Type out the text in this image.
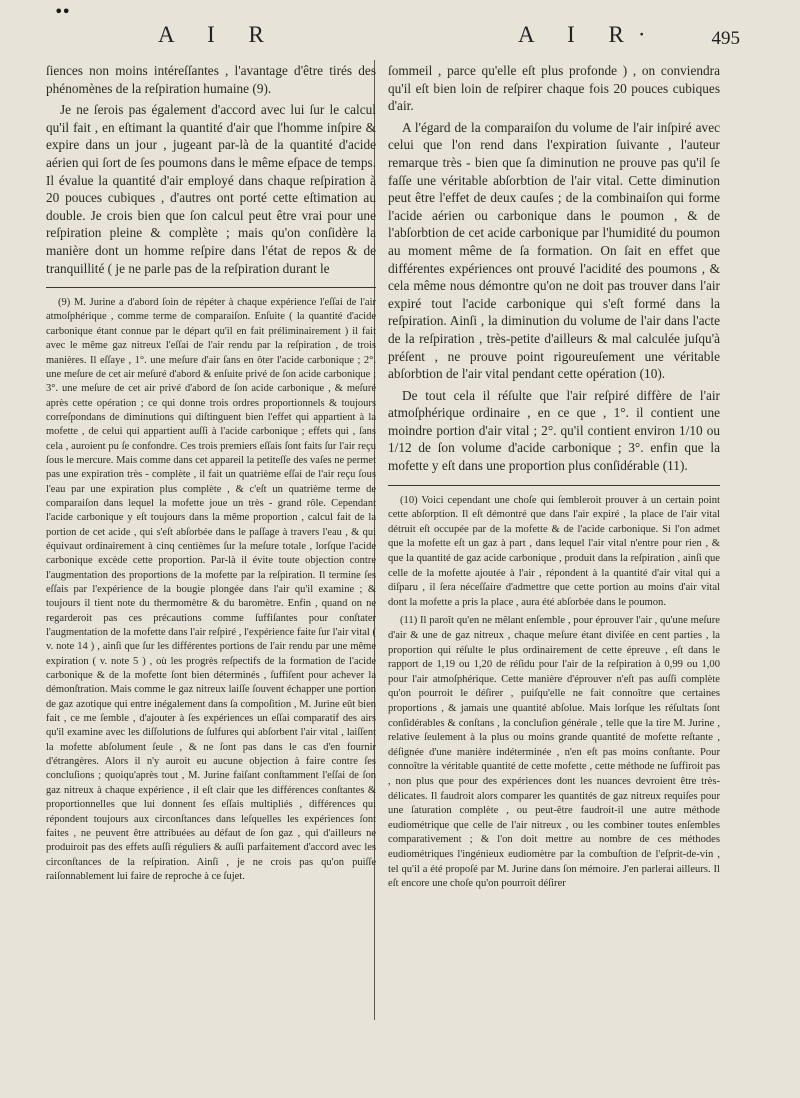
••
A I R	A I R·	495

ſiences non moins intéreſſantes , l'avantage d'être tirés des phénomènes de la reſpiration humaine (9).

Je ne ſerois pas également d'accord avec lui ſur le calcul qu'il fait , en eſtimant la quantité d'air que l'homme inſpire & expire dans un jour , jugeant par-là de la quantité d'acide aérien qui ſort de ſes poumons dans le même eſpace de temps. Il évalue la quantité d'air employé dans chaque reſpiration à 20 pouces cubiques , d'autres ont porté cette eſtimation au double. Je crois bien que ſon calcul peut être vrai pour une reſpiration pleine & complète ; mais qu'on conſidère la manière dont un homme reſpire dans l'état de repos & de tranquillité ( je ne parle pas de la reſpiration durant le

(9) M. Jurine a d'abord ſoin de répéter à chaque expérience l'eſſai de l'air atmoſphérique , comme terme de comparaiſon. Enſuite ( la quantité d'acide carbonique étant connue par le départ qu'il en fait préliminairement ) il fait avec le même gaz nitreux l'eſſai de l'air rendu par la reſpiration , de trois manières. Il eſſaye , 1°. une meſure d'air ſans en ôter l'acide carbonique ; 2°. une meſure de cet air meſuré d'abord & enſuite privé de ſon acide carbonique ; 3°. une meſure de cet air privé d'abord de ſon acide carbonique , & meſuré après cette opération ; ce qui donne trois ordres proportionnels & toujours correſpondans de diminutions qui diſtinguent bien l'effet qui appartient à la mofette , de celui qui appartient auſſi à l'acide carbonique ; effets qui , ſans cela , auroient pu ſe confondre. Ces trois premiers eſſais ſont faits ſur l'air reçu ſous le mercure. Mais comme dans cet appareil la petiteſſe des vaſes ne permet pas une expiration très - complète , il fait un quatrième eſſai de l'air reçu ſous l'eau par une expiration plus complète , & c'eſt un quatrième terme de comparaiſon dans lequel la mofette joue un très - grand rôle. Cependant l'acide carbonique y eſt toujours dans la même proportion , calcul fait de la portion de cet acide , qui s'eſt abſorbée dans le paſſage à travers l'eau , & qui équivaut ordinairement à cinq centièmes ſur la meſure totale , lorſque l'acide carbonique excède cette proportion. Par-là il évite toute objection contre l'augmentation des proportions de la mofette par la reſpiration. Il termine ſes eſſais par l'expérience de la bougie plongée dans l'air qu'il examine ; & toujours il tient note du thermomètre & du baromètre. Enfin , quand on ne regarderoit pas ces précautions comme ſuffiſantes pour conſtater l'augmentation de la mofette dans l'air reſpiré , l'expérience faite ſur l'air vital ( v. note 14 ) , ainſi que ſur les différentes portions de l'air rendu par une même expiration ( v. note 5 ) , où les progrès reſpectifs de la formation de l'acide carbonique & de la mofette ſont bien déterminés , ſuffiſent pour achever la démonſtration. Mais comme le gaz nitreux laiſſe ſouvent échapper une portion de gaz azotique qui entre inégalement dans ſa compoſition , M. Jurine eût bien fait , ce me ſemble , d'ajouter à ſes expériences un eſſai comparatif des airs qu'il examine avec les diſſolutions de ſulfures qui abſorbent l'air vital , laiſſent la mofette abſolument ſeule , & ne ſont pas dans le cas d'en fournir d'étrangères. Alors il n'y auroit eu aucune objection à faire contre ſes concluſions ; quoiqu'après tout , M. Jurine faiſant conſtamment l'eſſai de ſon gaz nitreux à chaque expérience , il eſt clair que les différences conſtantes & proportionnelles que lui donnent ſes eſſais multipliés , différences qui répondent toujours aux circonſtances dans leſquelles les expériences ſont faites , ne peuvent être attribuées au défaut de ſon gaz , qui d'ailleurs ne produiroit pas des effets auſſi réguliers & auſſi parfaitement d'accord avec les circonſtances de la reſpiration. Ainſi , je ne crois pas qu'on puiſſe raiſonnablement lui faire de reproche à ce ſujet.

ſommeil , parce qu'elle eſt plus profonde ) , on conviendra qu'il eſt bien loin de reſpirer chaque fois 20 pouces cubiques d'air.

A l'égard de la comparaiſon du volume de l'air inſpiré avec celui que l'on rend dans l'expiration ſuivante , l'auteur remarque très - bien que ſa diminution ne prouve pas qu'il ſe faſſe une véritable abſorbtion de l'air vital. Cette diminution peut être l'effet de deux cauſes ; de la combinaiſon qui forme l'acide aérien ou carbonique dans le poumon , & de l'abſorbtion de cet acide carbonique par l'humidité du poumon au moment même de ſa formation. On ſait en effet que différentes expériences ont prouvé l'acidité des poumons , & cela même nous démontre qu'on ne doit pas trouver dans l'air expiré tout l'acide carbonique qui s'eſt formé dans la reſpiration. Ainſi , la diminution du volume de l'air dans l'acte de la reſpiration , très-petite d'ailleurs & mal calculée juſqu'à préſent , ne prouve point rigoureuſement une véritable abſorbtion de l'air vital pendant cette opération (10).

De tout cela il réſulte que l'air reſpiré diffère de l'air atmoſphérique ordinaire , en ce que , 1°. il contient une moindre portion d'air vital ; 2°. qu'il contient environ 1/10 ou 1/12 de ſon volume d'acide carbonique ; 3°. enfin que la mofette y eſt dans une proportion plus conſidérable (11).

(10) Voici cependant une choſe qui ſembleroit prouver à un certain point cette abſorption. Il eſt démontré que dans l'air expiré , la place de l'air vital détruit eſt occupée par de la mofette & de l'acide carbonique. Si l'on admet que la mofette eſt un gaz à part , dans lequel l'air vital n'entre pour rien , & que la quantité de gaz acide carbonique , produit dans la reſpiration , ainſi que celle de la mofette ajoutée à l'air , répondent à la quantité d'air vital qui a diſparu , il ſera néceſſaire d'admettre que cette portion au moins d'air vital dont la mofette a pris la place , aura été abſorbée dans le poumon.

(11) Il paroît qu'en ne mêlant enſemble , pour éprouver l'air , qu'une meſure d'air & une de gaz nitreux , chaque meſure étant diviſée en cent parties , la proportion qui réſulte le plus ordinairement de cette épreuve , eſt dans le rapport de 1,19 ou 1,20 de réſidu pour l'air de la reſpiration à 0,99 ou 1,00 pour l'air atmoſphérique. Cette manière d'éprouver n'eſt pas auſſi complète qu'on pourroit le déſirer , puiſqu'elle ne fait connoître que certaines proportions , & jamais une quantité abſolue. Mais lorſque les réſultats ſont conſidérables & conſtans , la concluſion générale , telle que la tire M. Jurine , relative ſeulement à la plus ou moins grande quantité de mofette reſtante , déſignée d'une manière indéterminée , n'en eſt pas moins conſtante. Pour connoître la véritable quantité de cette mofette , cette méthode ne ſuffiroit pas , non plus que pour des expériences dont les nuances devroient être très-délicates. Il faudroit alors comparer les quantités de gaz nitreux requiſes pour une ſaturation complète , ou peut-être faudroit-il une autre méthode eudiométrique que celle de l'air nitreux , ou les combiner toutes enſembles comparativement ; & l'on doit mettre au nombre de ces méthodes eudiométriques l'ingénieux eudiomètre par la combuſtion de l'eſprit-de-vin , tel qu'il a été propoſé par M. Jurine dans ſon mémoire. J'en parlerai ailleurs. Il eſt encore une choſe qu'on pourroit déſirer
